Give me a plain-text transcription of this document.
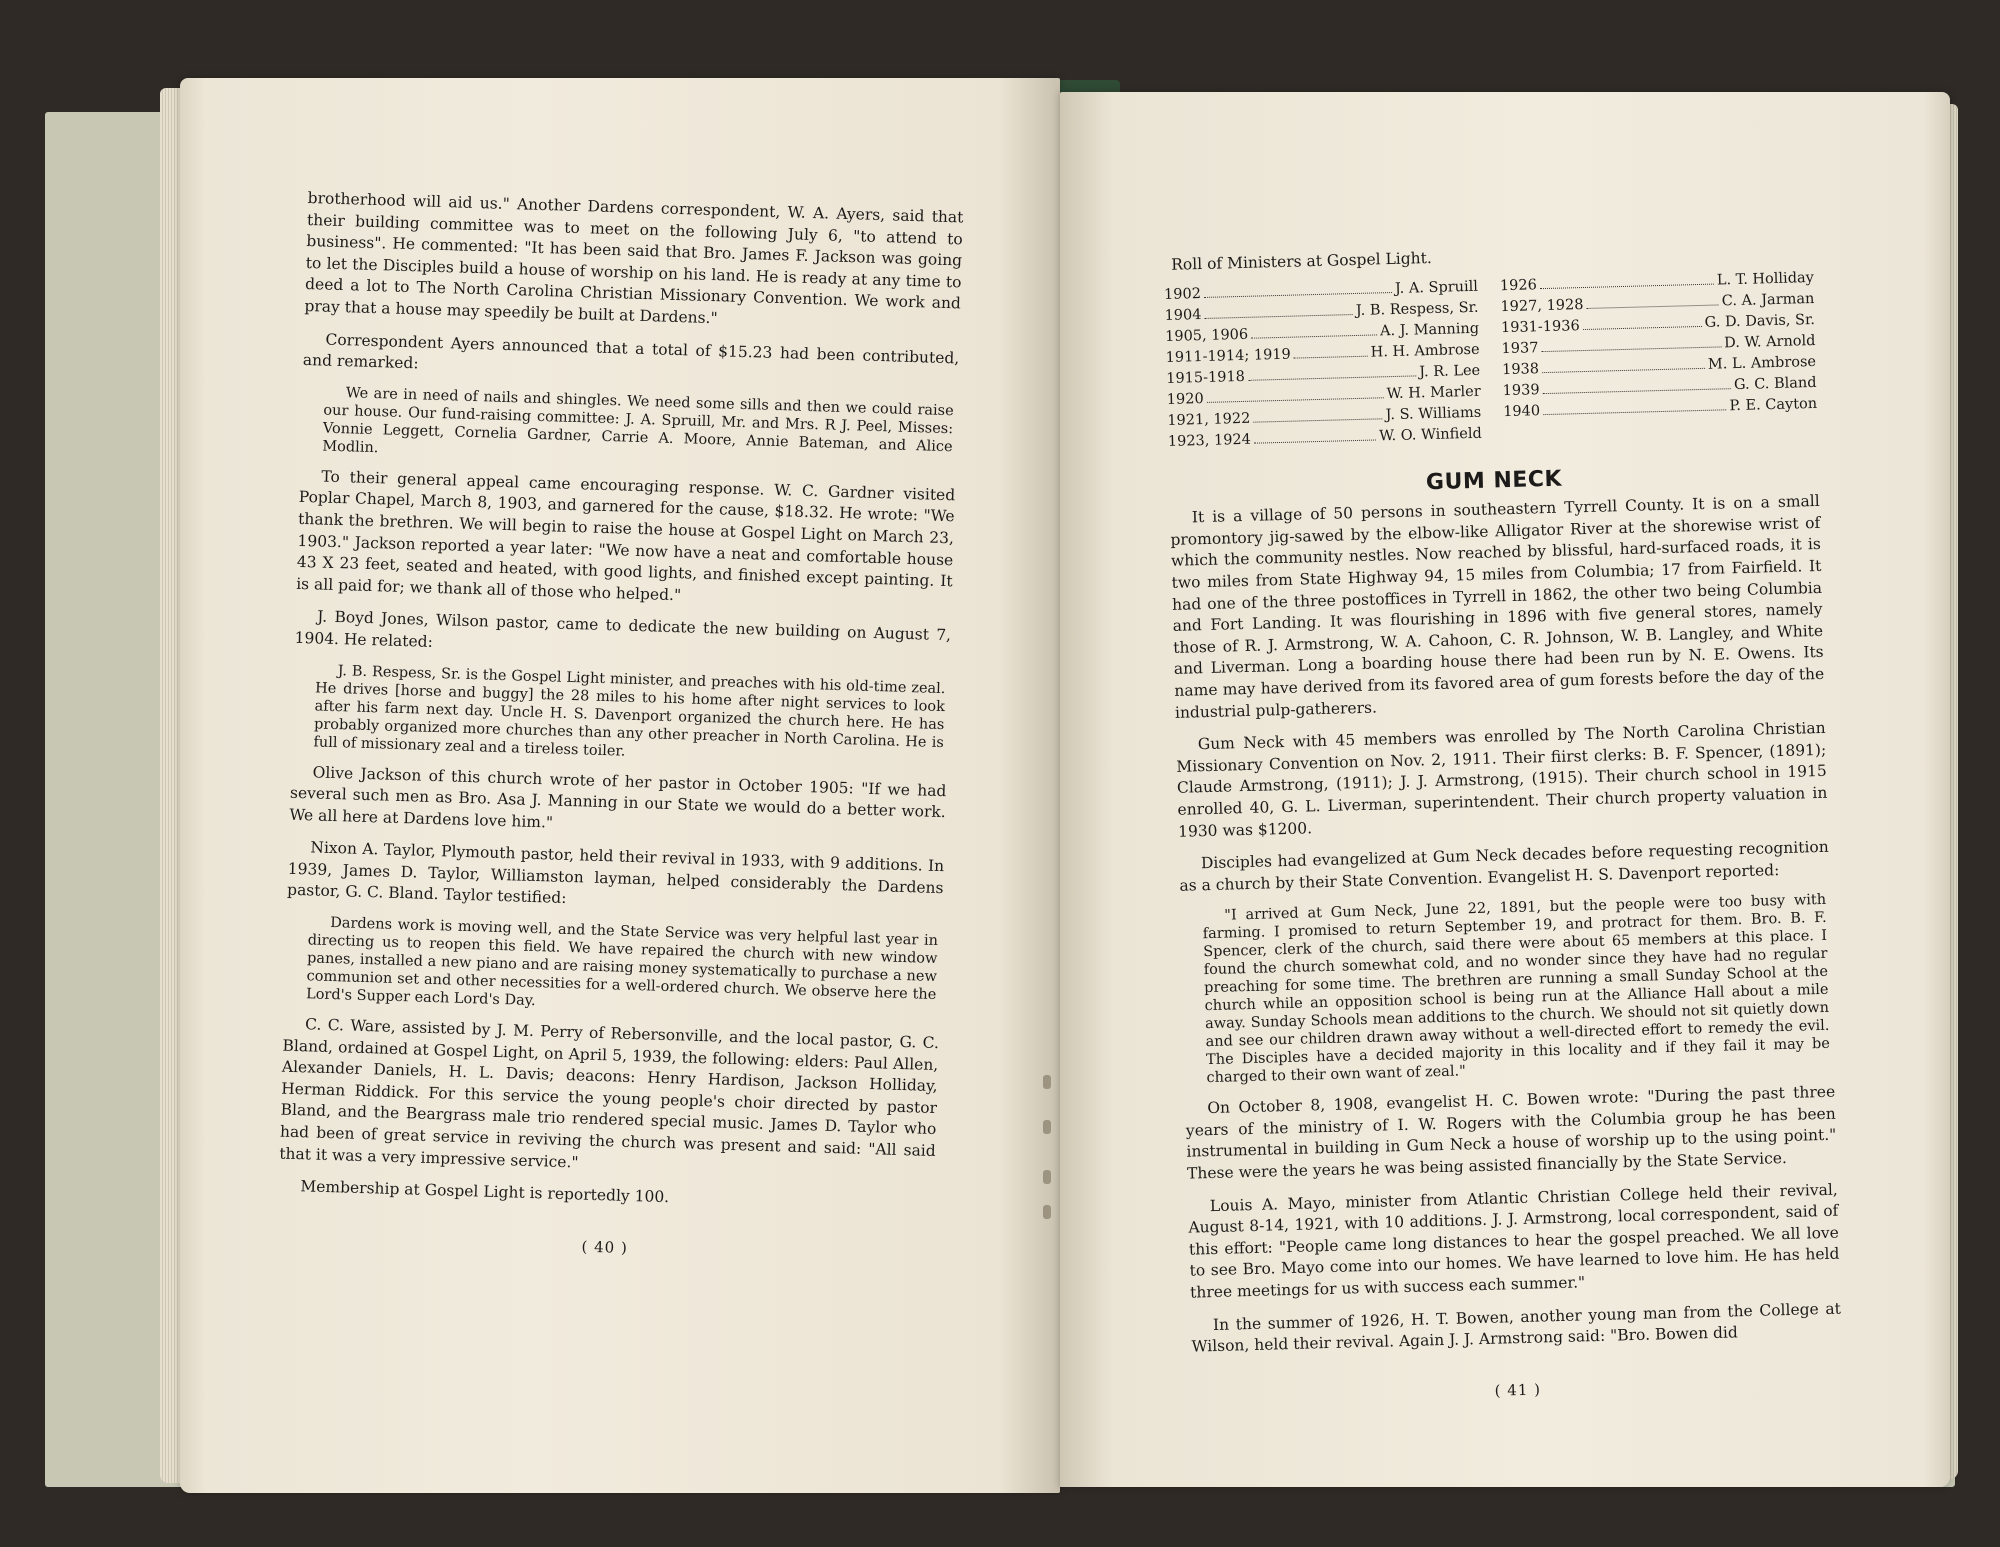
brotherhood will aid us." Another Dardens correspondent, W. A. Ayers, said that their building committee was to meet on the following July 6, "to attend to business". He commented: "It has been said that Bro. James F. Jackson was going to let the Disciples build a house of worship on his land. He is ready at any time to deed a lot to The North Carolina Christian Missionary Convention. We work and pray that a house may speedily be built at Dardens."

Correspondent Ayers announced that a total of $15.23 had been contributed, and remarked:

We are in need of nails and shingles. We need some sills and then we could raise our house. Our fund-raising committee: J. A. Spruill, Mr. and Mrs. R J. Peel, Misses: Vonnie Leggett, Cornelia Gardner, Carrie A. Moore, Annie Bateman, and Alice Modlin.

To their general appeal came encouraging response. W. C. Gardner visited Poplar Chapel, March 8, 1903, and garnered for the cause, $18.32. He wrote: "We thank the brethren. We will begin to raise the house at Gospel Light on March 23, 1903." Jackson reported a year later: "We now have a neat and comfortable house 43 X 23 feet, seated and heated, with good lights, and finished except painting. It is all paid for; we thank all of those who helped."

J. Boyd Jones, Wilson pastor, came to dedicate the new building on August 7, 1904. He related:

J. B. Respess, Sr. is the Gospel Light minister, and preaches with his old-time zeal. He drives [horse and buggy] the 28 miles to his home after night services to look after his farm next day. Uncle H. S. Davenport organized the church here. He has probably organized more churches than any other preacher in North Carolina. He is full of missionary zeal and a tireless toiler.

Olive Jackson of this church wrote of her pastor in October 1905: "If we had several such men as Bro. Asa J. Manning in our State we would do a better work. We all here at Dardens love him."

Nixon A. Taylor, Plymouth pastor, held their revival in 1933, with 9 additions. In 1939, James D. Taylor, Williamston layman, helped considerably the Dardens pastor, G. C. Bland. Taylor testified:

Dardens work is moving well, and the State Service was very helpful last year in directing us to reopen this field. We have repaired the church with new window panes, installed a new piano and are raising money systematically to purchase a new communion set and other necessities for a well-ordered church. We observe here the Lord's Supper each Lord's Day.

C. C. Ware, assisted by J. M. Perry of Rebersonville, and the local pastor, G. C. Bland, ordained at Gospel Light, on April 5, 1939, the following: elders: Paul Allen, Alexander Daniels, H. L. Davis; deacons: Henry Hardison, Jackson Holliday, Herman Riddick. For this service the young people's choir directed by pastor Bland, and the Beargrass male trio rendered special music. James D. Taylor who had been of great service in reviving the church was present and said: "All said that it was a very impressive service."

Membership at Gospel Light is reportedly 100.

( 40 )
Roll of Ministers at Gospel Light.
1902	J. A. Spruill
1904	J. B. Respess, Sr.
1905, 1906	A. J. Manning
1911-1914; 1919	H. H. Ambrose
1915-1918	J. R. Lee
1920	W. H. Marler
1921, 1922	J. S. Williams
1923, 1924	W. O. Winfield
1926	L. T. Holliday
1927, 1928	C. A. Jarman
1931-1936	G. D. Davis, Sr.
1937	D. W. Arnold
1938	M. L. Ambrose
1939	G. C. Bland
1940	P. E. Cayton
GUM NECK

It is a village of 50 persons in southeastern Tyrrell County. It is on a small promontory jig-sawed by the elbow-like Alligator River at the shorewise wrist of which the community nestles. Now reached by blissful, hard-surfaced roads, it is two miles from State Highway 94, 15 miles from Columbia; 17 from Fairfield. It had one of the three postoffices in Tyrrell in 1862, the other two being Columbia and Fort Landing. It was flourishing in 1896 with five general stores, namely those of R. J. Armstrong, W. A. Cahoon, C. R. Johnson, W. B. Langley, and White and Liverman. Long a boarding house there had been run by N. E. Owens. Its name may have derived from its favored area of gum forests before the day of the industrial pulp-gatherers.

Gum Neck with 45 members was enrolled by The North Carolina Christian Missionary Convention on Nov. 2, 1911. Their fiirst clerks: B. F. Spencer, (1891); Claude Armstrong, (1911); J. J. Armstrong, (1915). Their church school in 1915 enrolled 40, G. L. Liverman, superintendent. Their church property valuation in 1930 was $1200.

Disciples had evangelized at Gum Neck decades before requesting recognition as a church by their State Convention. Evangelist H. S. Davenport reported:

"I arrived at Gum Neck, June 22, 1891, but the people were too busy with farming. I promised to return September 19, and protract for them. Bro. B. F. Spencer, clerk of the church, said there were about 65 members at this place. I found the church somewhat cold, and no wonder since they have had no regular preaching for some time. The brethren are running a small Sunday School at the church while an opposition school is being run at the Alliance Hall about a mile away. Sunday Schools mean additions to the church. We should not sit quietly down and see our children drawn away without a well-directed effort to remedy the evil. The Disciples have a decided majority in this locality and if they fail it may be charged to their own want of zeal."

On October 8, 1908, evangelist H. C. Bowen wrote: "During the past three years of the ministry of I. W. Rogers with the Columbia group he has been instrumental in building in Gum Neck a house of worship up to the using point." These were the years he was being assisted financially by the State Service.

Louis A. Mayo, minister from Atlantic Christian College held their revival, August 8-14, 1921, with 10 additions. J. J. Armstrong, local correspondent, said of this effort: "People came long distances to hear the gospel preached. We all love to see Bro. Mayo come into our homes. We have learned to love him. He has held three meetings for us with success each summer."

In the summer of 1926, H. T. Bowen, another young man from the College at Wilson, held their revival. Again J. J. Armstrong said: "Bro. Bowen did

( 41 )
